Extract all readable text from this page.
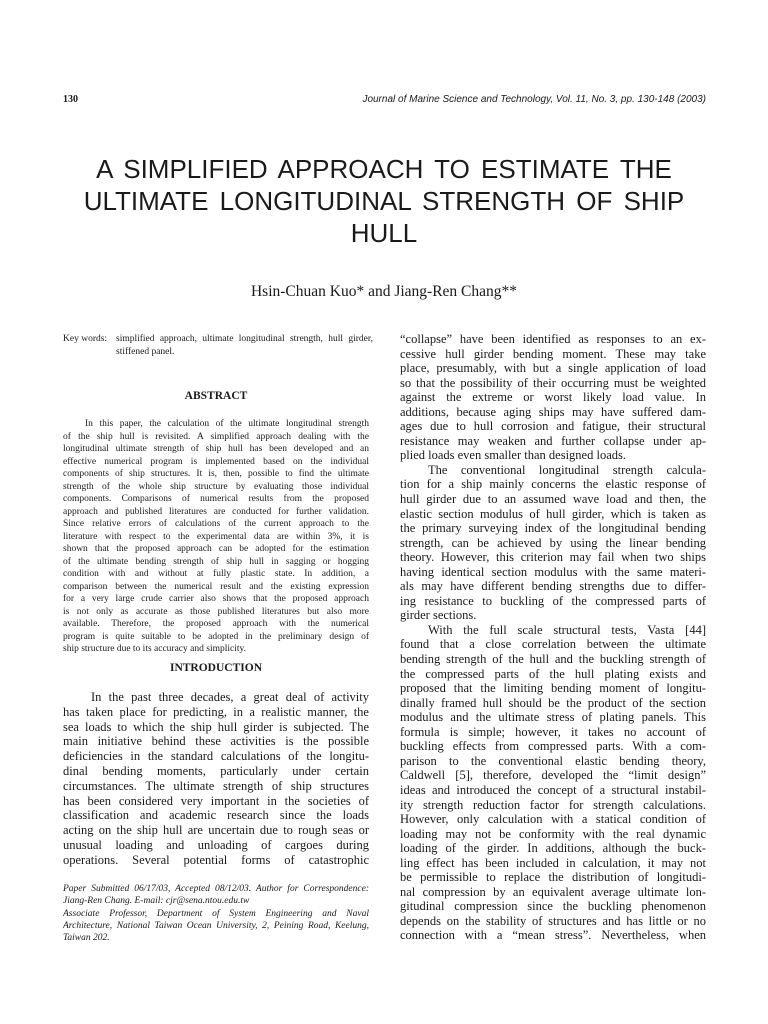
130	Journal of Marine Science and Technology, Vol. 11, No. 3, pp. 130-148 (2003)
A SIMPLIFIED APPROACH TO ESTIMATE THE
ULTIMATE LONGITUDINAL STRENGTH OF SHIP
HULL
Hsin-Chuan Kuo* and Jiang-Ren Chang**
Key words: simplified approach, ultimate longitudinal strength, hull girder,
stiffened panel.
ABSTRACT
In this paper, the calculation of the ultimate longitudinal strength
of the ship hull is revisited. A simplified approach dealing with the
longitudinal ultimate strength of ship hull has been developed and an
effective numerical program is implemented based on the individual
components of ship structures. It is, then, possible to find the ultimate
strength of the whole ship structure by evaluating those individual
components. Comparisons of numerical results from the proposed
approach and published literatures are conducted for further validation.
Since relative errors of calculations of the current approach to the
literature with respect to the experimental data are within 3%, it is
shown that the proposed approach can be adopted for the estimation
of the ultimate bending strength of ship hull in sagging or hogging
condition with and without at fully plastic state. In addition, a
comparison between the numerical result and the existing expression
for a very large crude carrier also shows that the proposed approach
is not only as accurate as those published literatures but also more
available. Therefore, the proposed approach with the numerical
program is quite suitable to be adopted in the preliminary design of
ship structure due to its accuracy and simplicity.
INTRODUCTION
In the past three decades, a great deal of activity
has taken place for predicting, in a realistic manner, the
sea loads to which the ship hull girder is subjected. The
main initiative behind these activities is the possible
deficiencies in the standard calculations of the longitu-
dinal bending moments, particularly under certain
circumstances. The ultimate strength of ship structures
has been considered very important in the societies of
classification and academic research since the loads
acting on the ship hull are uncertain due to rough seas or
unusual loading and unloading of cargoes during
operations. Several potential forms of catastrophic
Paper Submitted 06/17/03, Accepted 08/12/03. Author for Correspondence:
Jiang-Ren Chang. E-mail: cjr@sena.ntou.edu.tw
Associate Professor, Department of System Engineering and Naval
Architecture, National Taiwan Ocean University, 2, Peining Road, Keelung,
Taiwan 202.
“collapse” have been identified as responses to an ex-
cessive hull girder bending moment. These may take
place, presumably, with but a single application of load
so that the possibility of their occurring must be weighted
against the extreme or worst likely load value. In
additions, because aging ships may have suffered dam-
ages due to hull corrosion and fatigue, their structural
resistance may weaken and further collapse under ap-
plied loads even smaller than designed loads.
The conventional longitudinal strength calcula-
tion for a ship mainly concerns the elastic response of
hull girder due to an assumed wave load and then, the
elastic section modulus of hull girder, which is taken as
the primary surveying index of the longitudinal bending
strength, can be achieved by using the linear bending
theory. However, this criterion may fail when two ships
having identical section modulus with the same materi-
als may have different bending strengths due to differ-
ing resistance to buckling of the compressed parts of
girder sections.
With the full scale structural tests, Vasta [44]
found that a close correlation between the ultimate
bending strength of the hull and the buckling strength of
the compressed parts of the hull plating exists and
proposed that the limiting bending moment of longitu-
dinally framed hull should be the product of the section
modulus and the ultimate stress of plating panels. This
formula is simple; however, it takes no account of
buckling effects from compressed parts. With a com-
parison to the conventional elastic bending theory,
Caldwell [5], therefore, developed the “limit design”
ideas and introduced the concept of a structural instabil-
ity strength reduction factor for strength calculations.
However, only calculation with a statical condition of
loading may not be conformity with the real dynamic
loading of the girder. In additions, although the buck-
ling effect has been included in calculation, it may not
be permissible to replace the distribution of longitudi-
nal compression by an equivalent average ultimate lon-
gitudinal compression since the buckling phenomenon
depends on the stability of structures and has little or no
connection with a “mean stress”. Nevertheless, when
